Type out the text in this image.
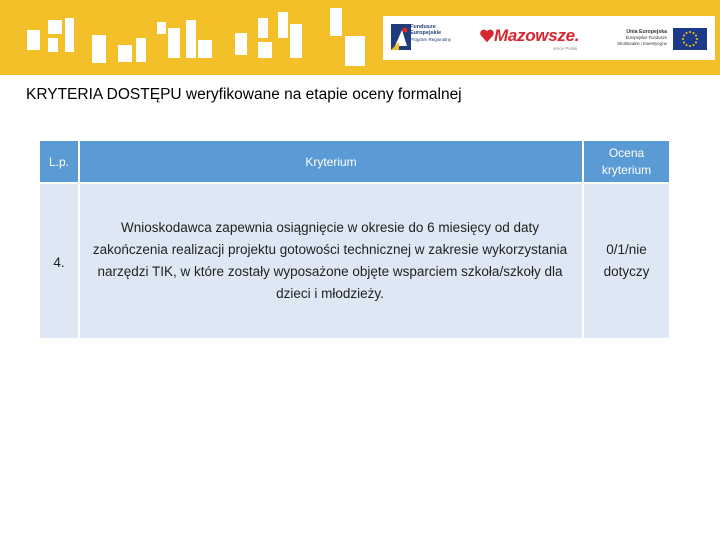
Fundusze
Europejskie
Program Regionalny	Mazowsze.
serce Polski
Unia Europejska
Europejskie Fundusze
Strukturalne i Inwestycyjne
KRYTERIA DOSTĘPU weryfikowane na etapie oceny formalnej
L.p.	Kryterium
Ocena kryterium
4.
Wnioskodawca zapewnia osiągnięcie w okresie do 6 miesięcy od daty zakończenia realizacji projektu gotowości technicznej w zakresie wykorzystania narzędzi TIK, w które zostały wyposażone objęte wsparciem szkoła/szkoły dla dzieci i młodzieży.
0/1/nie dotyczy
